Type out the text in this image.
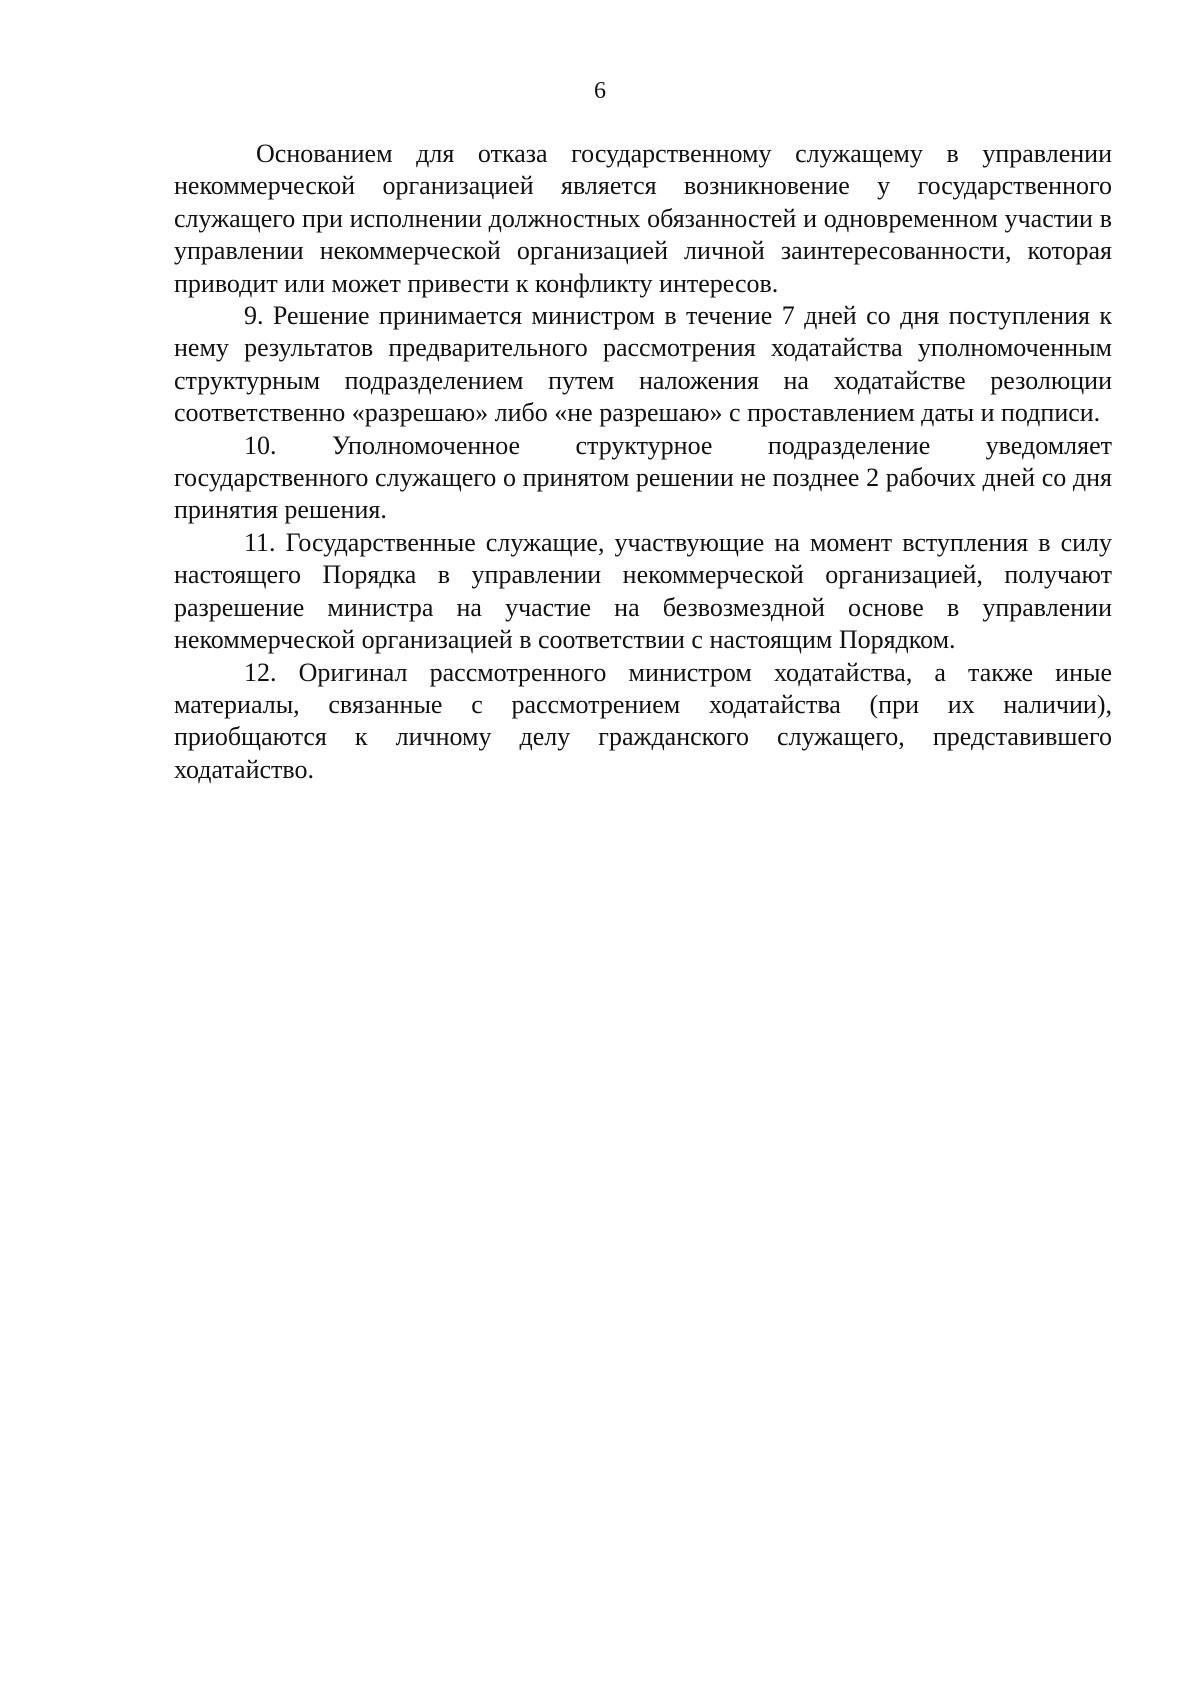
6

Основанием для отказа государственному служащему в управлении некоммерческой организацией является возникновение у государственного служащего при исполнении должностных обязанностей и одновременном участии в управлении некоммерческой организацией личной заинтересованности, которая приводит или может привести к конфликту интересов.

9. Решение принимается министром в течение 7 дней со дня поступления к нему результатов предварительного рассмотрения ходатайства уполномоченным структурным подразделением путем наложения на ходатайстве резолюции соответственно «разрешаю» либо «не разрешаю» с проставлением даты и подписи.

10. Уполномоченное структурное подразделение уведомляет государственного служащего о принятом решении не позднее 2 рабочих дней со дня принятия решения.

11. Государственные служащие, участвующие на момент вступления в силу настоящего Порядка в управлении некоммерческой организацией, получают разрешение министра на участие на безвозмездной основе в управлении некоммерческой организацией в соответствии с настоящим Порядком.

12. Оригинал рассмотренного министром ходатайства, а также иные материалы, связанные с рассмотрением ходатайства (при их наличии), приобщаются к личному делу гражданского служащего, представившего ходатайство.
